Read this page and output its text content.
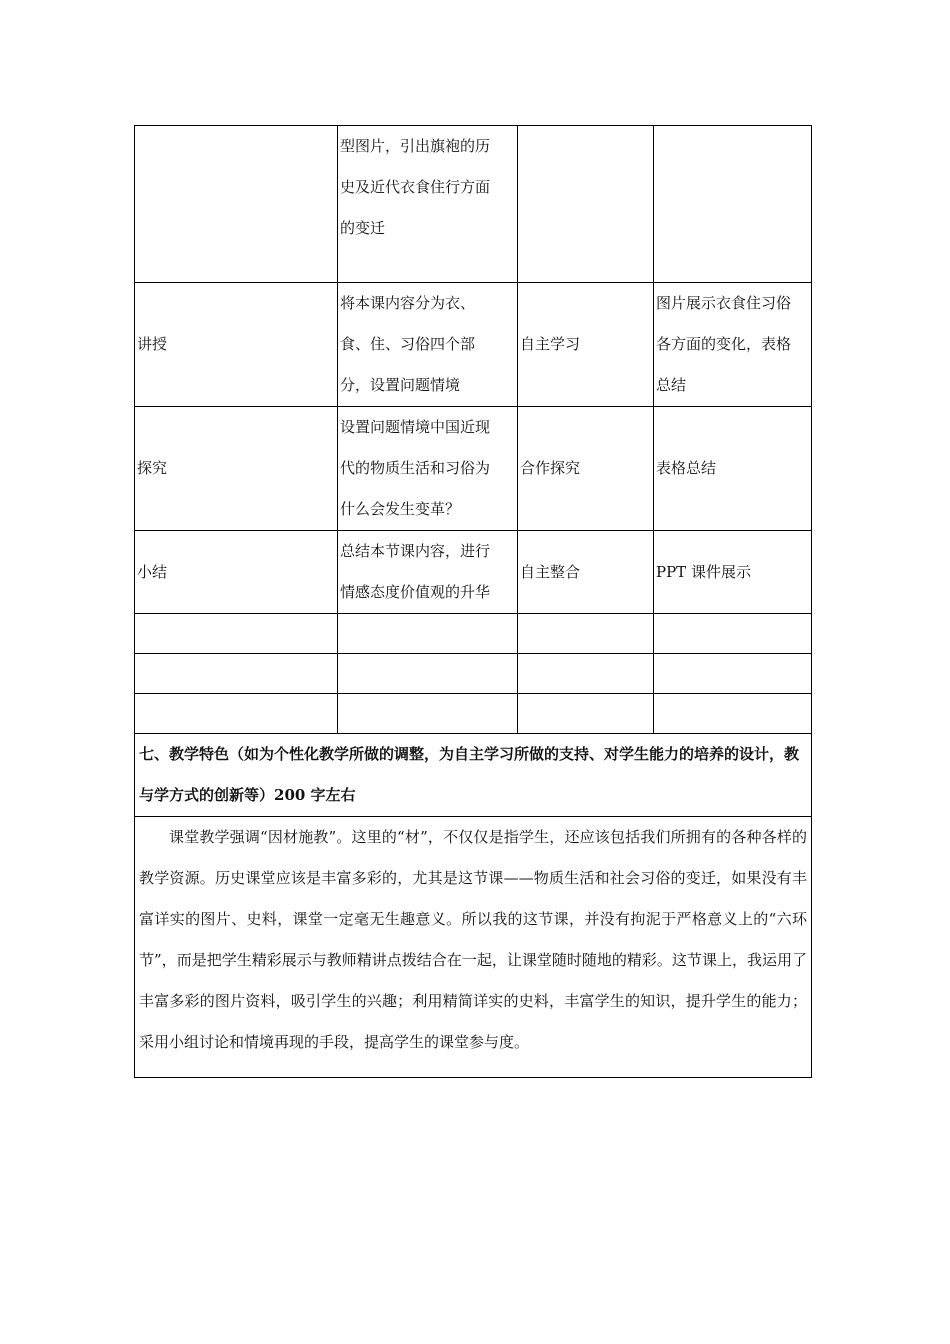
	型图片，引出旗袍的历
史及近代衣食住行方面
的变迁		

讲授	将本课内容分为衣、
食、住、习俗四个部
分，设置问题情境	自主学习	图片展示衣食住习俗
各方面的变化，表格
总结
探究	设置问题情境中国近现
代的物质生活和习俗为
什么会发生变革？	合作探究	表格总结
小结	总结本节课内容，进行
情感态度价值观的升华	自主整合	PPT 课件展示

七、教学特色（如为个性化教学所做的调整，为自主学习所做的支持、对学生能力的培养的设计，教与学方式的创新等）200 字左右			

课堂教学强调“因材施教”。这里的“材”，不仅仅是指学生，还应该包括我们所拥有的各种各样的教学资源。历史课堂应该是丰富多彩的，尤其是这节课——物质生活和社会习俗的变迁，如果没有丰富详实的图片、史料，课堂一定毫无生趣意义。所以我的这节课，并没有拘泥于严格意义上的“六环节”，而是把学生精彩展示与教师精讲点拨结合在一起，让课堂随时随地的精彩。这节课上，我运用了丰富多彩的图片资料，吸引学生的兴趣；利用精简详实的史料，丰富学生的知识，提升学生的能力；采用小组讨论和情境再现的手段，提高学生的课堂参与度。			
